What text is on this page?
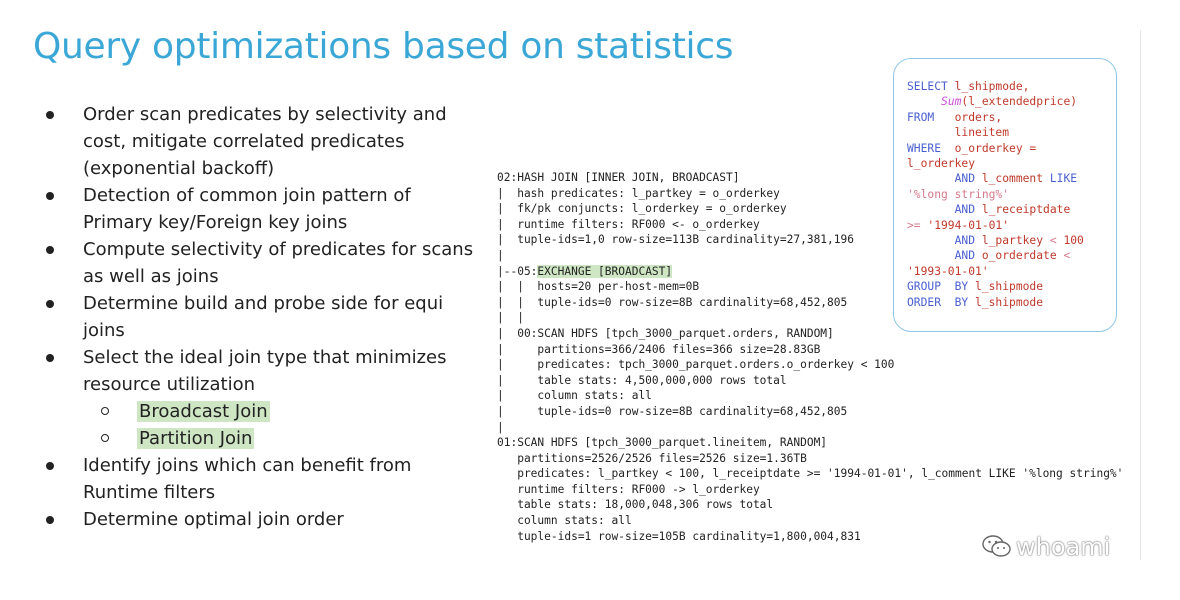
Query optimizations based on statistics
Order scan predicates by selectivity and
cost, mitigate correlated predicates
(exponential backoff)
Detection of common join pattern of
Primary key/Foreign key joins
Compute selectivity of predicates for scans
as well as joins
Determine build and probe side for equi
joins
Select the ideal join type that minimizes
resource utilization
Broadcast Join
Partition Join
Identify joins which can benefit from
Runtime filters
Determine optimal join order
02:HASH JOIN [INNER JOIN, BROADCAST]
|  hash predicates: l_partkey = o_orderkey
|  fk/pk conjuncts: l_orderkey = o_orderkey
|  runtime filters: RF000 <- o_orderkey
|  tuple-ids=1,0 row-size=113B cardinality=27,381,196
|
|--05:EXCHANGE [BROADCAST]
|  |  hosts=20 per-host-mem=0B
|  |  tuple-ids=0 row-size=8B cardinality=68,452,805
|  |
|  00:SCAN HDFS [tpch_3000_parquet.orders, RANDOM]
|     partitions=366/2406 files=366 size=28.83GB
|     predicates: tpch_3000_parquet.orders.o_orderkey < 100
|     table stats: 4,500,000,000 rows total
|     column stats: all
|     tuple-ids=0 row-size=8B cardinality=68,452,805
|
01:SCAN HDFS [tpch_3000_parquet.lineitem, RANDOM]
partitions=2526/2526 files=2526 size=1.36TB
predicates: l_partkey < 100, l_receiptdate >= '1994-01-01', l_comment LIKE '%long string%'
runtime filters: RF000 -> l_orderkey
table stats: 18,000,048,306 rows total
column stats: all
tuple-ids=1 row-size=105B cardinality=1,800,004,831
SELECT l_shipmode,
Sum(l_extendedprice)
FROM   orders,
lineitem
WHERE  o_orderkey =
l_orderkey
AND l_comment LIKE
'%long string%'
AND l_receiptdate
>= '1994-01-01'
AND l_partkey < 100
AND o_orderdate <
'1993-01-01'
GROUP  BY l_shipmode
ORDER  BY l_shipmode
whoami
